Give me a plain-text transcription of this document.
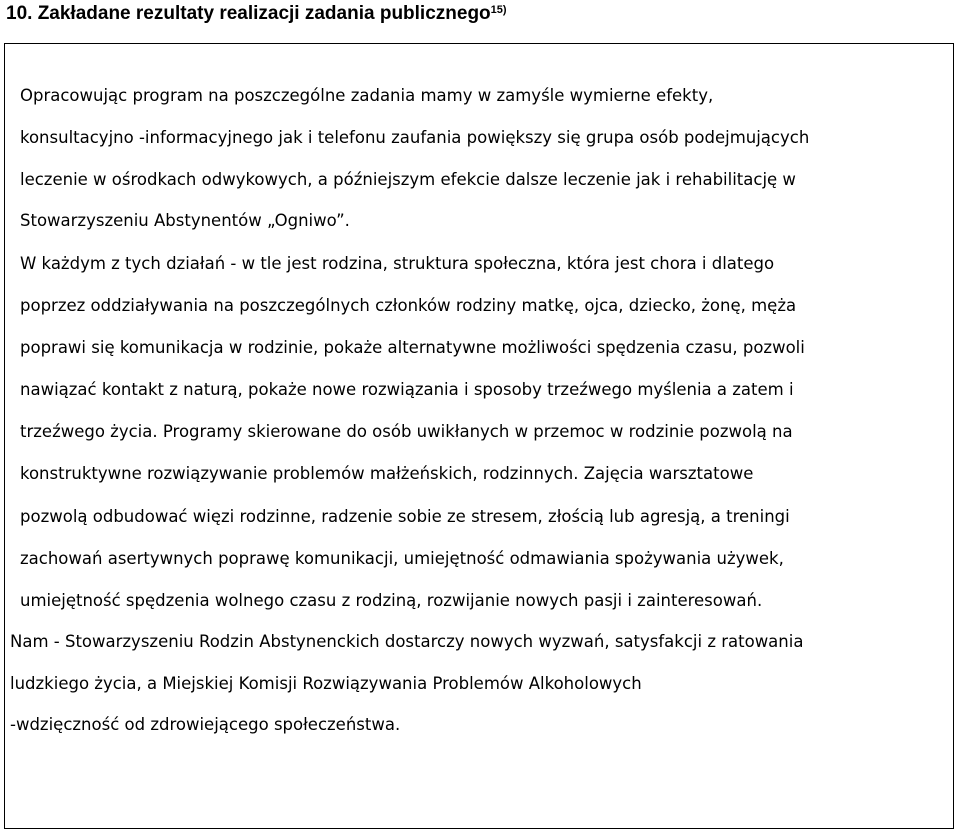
10. Zakładane rezultaty realizacji zadania publicznego$^{15)}$
Opracowując program na poszczególne zadania mamy w zamyśle wymierne efekty,
konsultacyjno -informacyjnego jak i telefonu zaufania powiększy się grupa osób podejmujących
leczenie w ośrodkach odwykowych, a późniejszym efekcie dalsze leczenie jak i rehabilitację w
Stowarzyszeniu Abstynentów „Ogniwo”.
W każdym z tych działań - w tle jest rodzina, struktura społeczna, która jest chora i dlatego
poprzez oddziaływania na poszczególnych członków rodziny matkę, ojca, dziecko, żonę, męża
poprawi się komunikacja w rodzinie, pokaże alternatywne możliwości spędzenia czasu, pozwoli
nawiązać kontakt z naturą, pokaże nowe rozwiązania i sposoby trzeźwego myślenia a zatem i
trzeźwego życia. Programy skierowane do osób uwikłanych w przemoc w rodzinie pozwolą na
konstruktywne rozwiązywanie problemów małżeńskich, rodzinnych. Zajęcia warsztatowe
pozwolą odbudować więzi rodzinne, radzenie sobie ze stresem, złością lub agresją, a treningi
zachowań asertywnych poprawę komunikacji, umiejętność odmawiania spożywania używek,
umiejętność spędzenia wolnego czasu z rodziną, rozwijanie nowych pasji i zainteresowań.
Nam - Stowarzyszeniu Rodzin Abstynenckich dostarczy nowych wyzwań, satysfakcji z ratowania
ludzkiego życia, a Miejskiej Komisji Rozwiązywania Problemów Alkoholowych
-wdzięczność od zdrowiejącego społeczeństwa.
